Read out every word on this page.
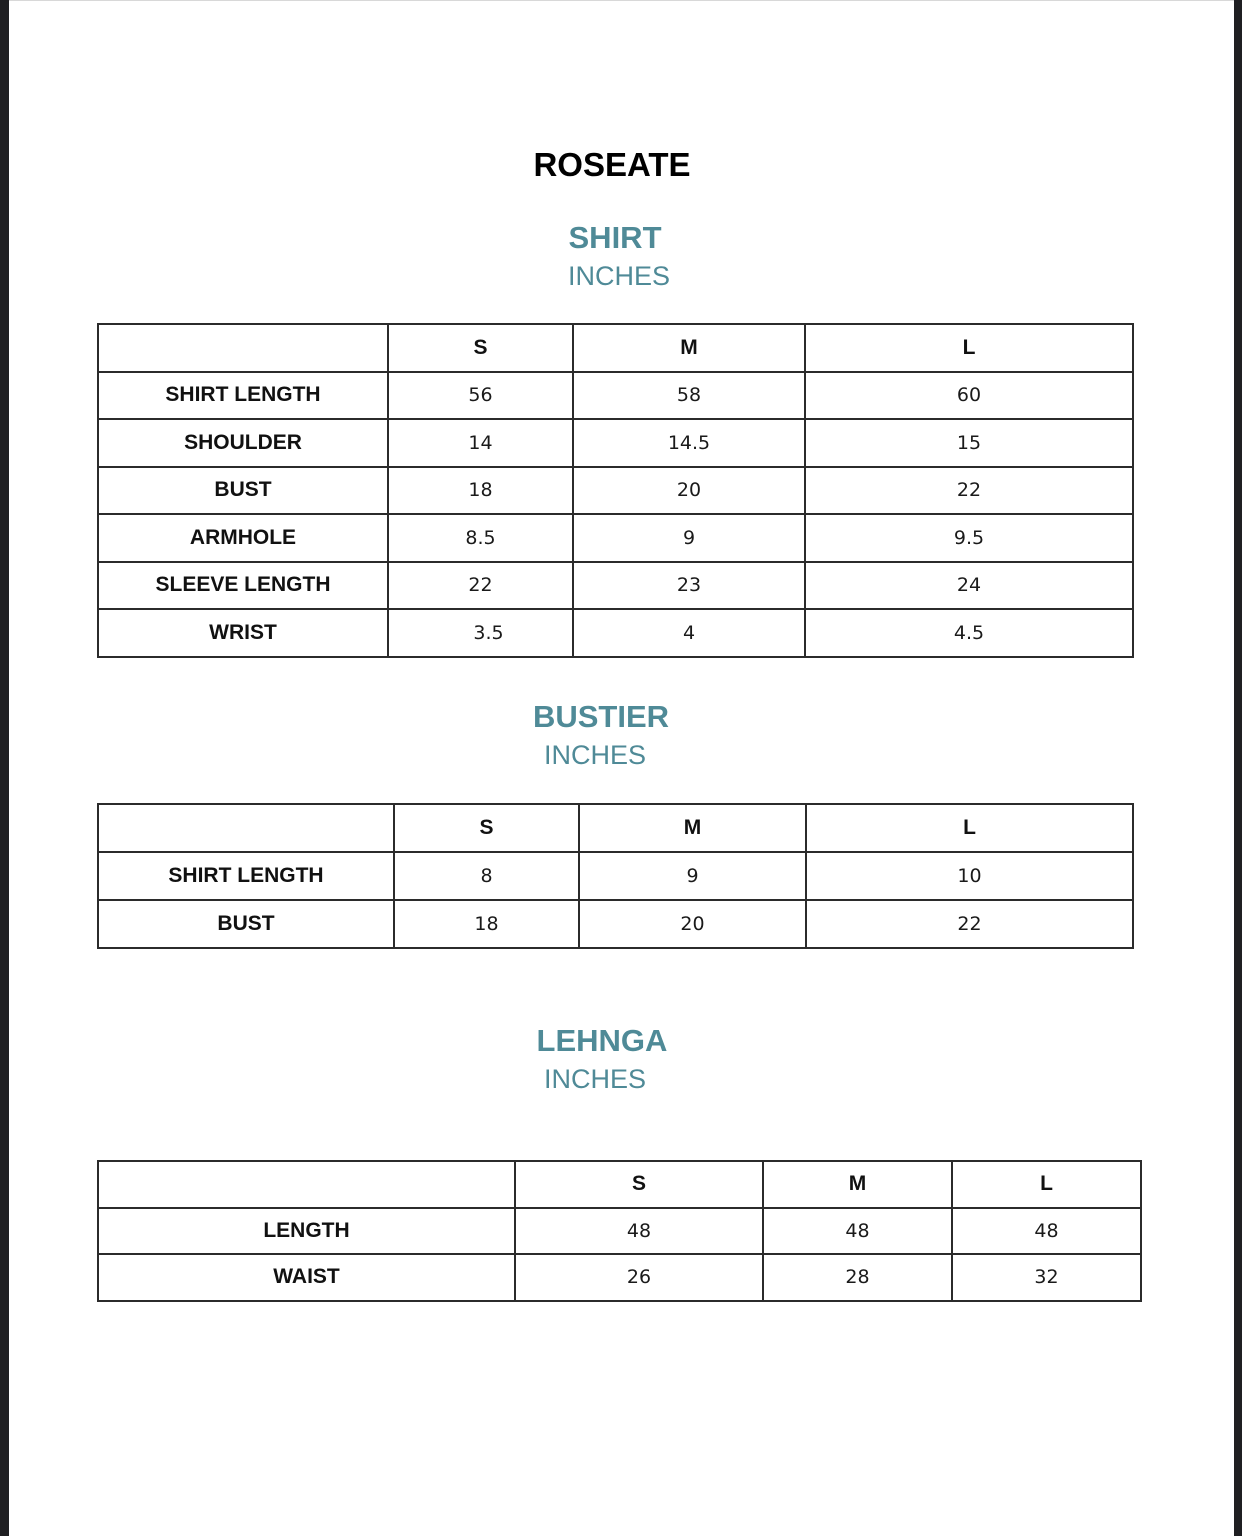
ROSEATE
SHIRT
INCHES
	S	M	L
SHIRT LENGTH	56	58	60
SHOULDER	14	14.5	15
BUST	18	20	22
ARMHOLE	8.5	9	9.5
SLEEVE LENGTH	22	23	24
WRIST	3.5	4	4.5
BUSTIER
INCHES
	S	M	L
SHIRT LENGTH	8	9	10
BUST	18	20	22
LEHNGA
INCHES
	S	M	L
LENGTH	48	48	48
WAIST	26	28	32
